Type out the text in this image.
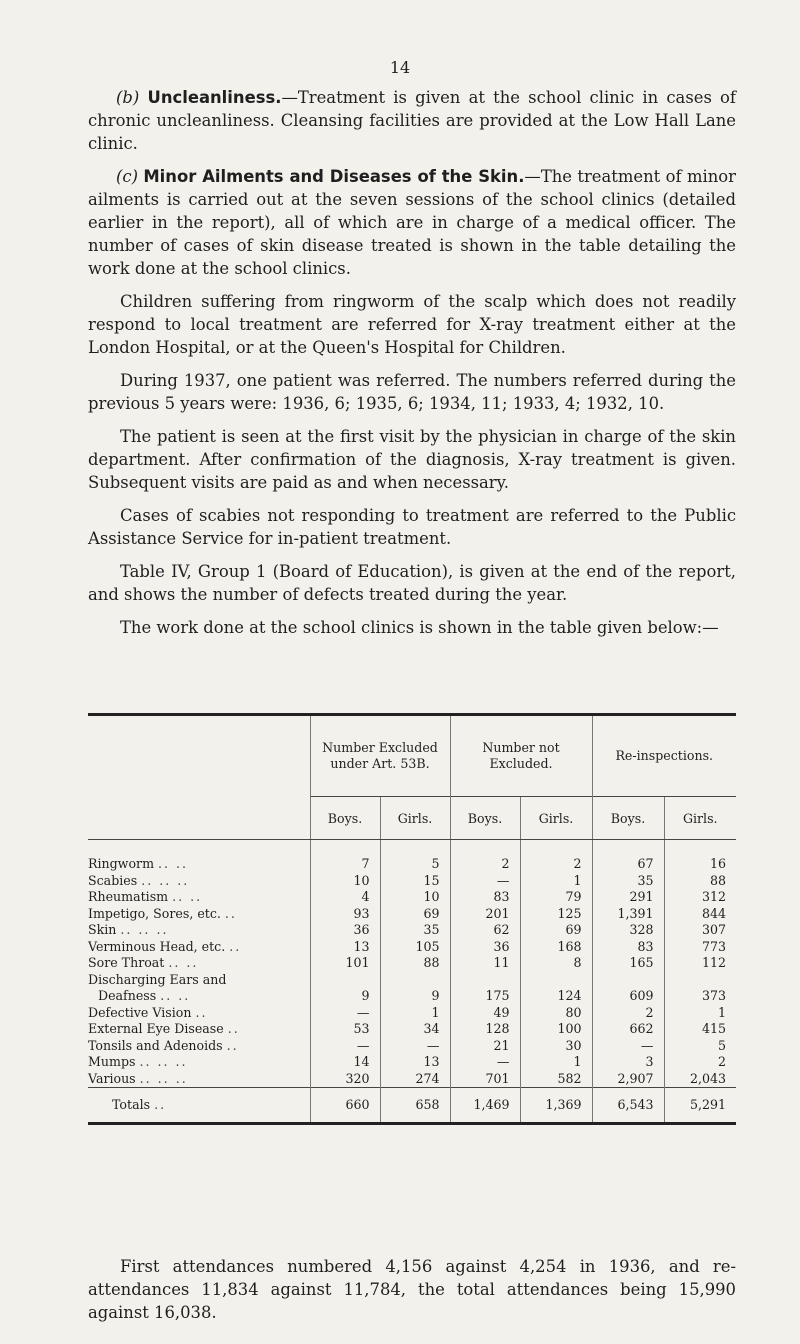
14

(b) Uncleanliness.—Treatment is given at the school clinic in cases of chronic uncleanliness. Cleansing facilities are provided at the Low Hall Lane clinic.

(c) Minor Ailments and Diseases of the Skin.—The treatment of minor ailments is carried out at the seven sessions of the school clinics (detailed earlier in the report), all of which are in charge of a medical officer. The number of cases of skin disease treated is shown in the table detailing the work done at the school clinics.

Children suffering from ringworm of the scalp which does not readily respond to local treatment are referred for X-ray treatment either at the London Hospital, or at the Queen's Hospital for Children.

During 1937, one patient was referred. The numbers referred during the previous 5 years were: 1936, 6; 1935, 6; 1934, 11; 1933, 4; 1932, 10.

The patient is seen at the first visit by the physician in charge of the skin department. After confirmation of the diagnosis, X-ray treatment is given. Subsequent visits are paid as and when necessary.

Cases of scabies not responding to treatment are referred to the Public Assistance Service for in-patient treatment.

Table IV, Group 1 (Board of Education), is given at the end of the report, and shows the number of defects treated during the year.

The work done at the school clinics is shown in the table given below:—

	Number Excluded under Art. 53B.		Number not Excluded.		Re-inspections.	
	Boys.	Girls.	Boys.	Girls.	Boys.	Girls.

Ringworm .. ..	7	5	2	2	67	16
Scabies .. .. ..	10	15	—	1	35	88
Rheumatism .. ..	4	10	83	79	291	312
Impetigo, Sores, etc. ..	93	69	201	125	1,391	844
Skin .. .. ..	36	35	62	69	328	307
Verminous Head, etc. ..	13	105	36	168	83	773
Sore Throat .. ..	101	88	11	8	165	112
Discharging Ears and						
Deafness .. ..	9	9	175	124	609	373
Defective Vision ..	—	1	49	80	2	1
External Eye Disease ..	53	34	128	100	662	415
Tonsils and Adenoids ..	—	—	21	30	—	5
Mumps .. .. ..	14	13	—	1	3	2
Various .. .. ..	320	274	701	582	2,907	2,043
Totals ..	660	658	1,469	1,369	6,543	5,291

First attendances numbered 4,156 against 4,254 in 1936, and re-attendances 11,834 against 11,784, the total attendances being 15,990 against 16,038.
